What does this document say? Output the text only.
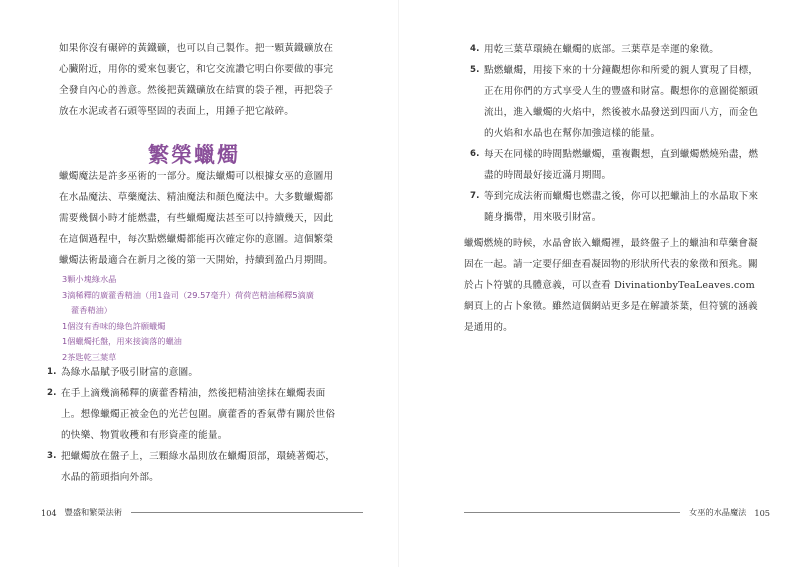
如果你沒有碾碎的黃鐵礦，也可以自己製作。把一顆黃鐵礦放在心臟附近，用你的愛來包裹它，和它交流讚它明白你要做的事完全發自內心的善意。然後把黃鐵礦放在結實的袋子裡，再把袋子放在水泥或者石頭等堅固的表面上，用錘子把它敲碎。

繁榮蠟燭

蠟燭魔法是許多巫術的一部分。魔法蠟燭可以根據女巫的意圖用在水晶魔法、草藥魔法、精油魔法和顏色魔法中。大多數蠟燭都需要幾個小時才能燃盡，有些蠟燭魔法甚至可以持續幾天，因此在這個過程中，每次點燃蠟燭都能再次確定你的意圖。這個繁榮蠟燭法術最適合在新月之後的第一天開始，持續到盈凸月期間。

3顆小塊綠水晶
3滴稀釋的廣藿香精油（用1盎司（29.57毫升）荷荷芭精油稀釋5滴廣
藿香精油）
1個沒有香味的綠色許願蠟燭
1個蠟燭托盤，用來接滴落的蠟油
2茶匙乾三葉草
1. 為綠水晶賦予吸引財富的意圖。
2. 在手上滴幾滴稀釋的廣藿香精油，然後把精油塗抹在蠟燭表面上。想像蠟燭正被金色的光芒包圍。廣藿香的香氣帶有關於世俗的快樂、物質收穫和有形資產的能量。
3. 把蠟燭放在盤子上，三顆綠水晶則放在蠟燭頂部，環繞著燭芯，水晶的箭頭指向外部。
104 豐盛和繁榮法術
4. 用乾三葉草環繞在蠟燭的底部。三葉草是幸運的象徵。
5. 點燃蠟燭，用接下來的十分鐘觀想你和所愛的親人實現了目標，正在用你們的方式享受人生的豐盛和財富。觀想你的意圖從額頭流出，進入蠟燭的火焰中，然後被水晶發送到四面八方，而金色的火焰和水晶也在幫你加強這樣的能量。
6. 每天在同樣的時間點燃蠟燭，重複觀想，直到蠟燭燃燒殆盡，燃盡的時間最好接近滿月期間。
7. 等到完成法術而蠟燭也燃盡之後，你可以把蠟油上的水晶取下來隨身攜帶，用來吸引財富。

蠟燭燃燒的時候，水晶會嵌入蠟燭裡，最終盤子上的蠟油和草藥會凝固在一起。請一定要仔細查看凝固物的形狀所代表的象徵和預兆。關於占卜符號的具體意義，可以查看 DivinationbyTeaLeaves.com 網頁上的占卜象徵。雖然這個網站更多是在解讀茶葉，但符號的涵義是通用的。

女巫的水晶魔法 105
